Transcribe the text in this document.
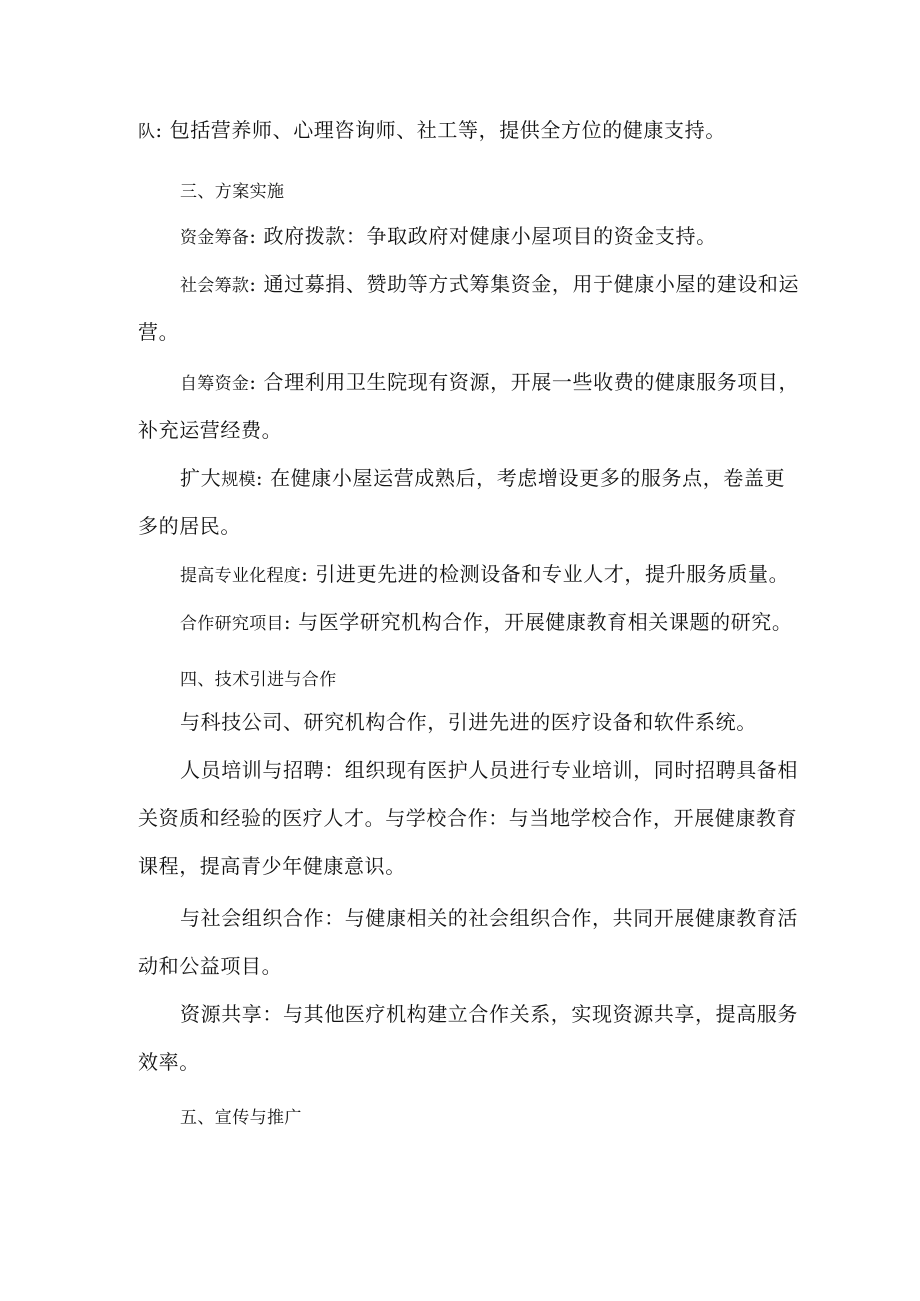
队: 包括营养师、心理咨询师、社工等，提供全方位的健康支持。
三、方案实施
资金筹备: 政府拨款：争取政府对健康小屋项目的资金支持。
社会筹款: 通过募捐、赞助等方式筹集资金，用于健康小屋的建设和运
营。
自筹资金: 合理利用卫生院现有资源，开展一些收费的健康服务项目，
补充运营经费。
扩大规模: 在健康小屋运营成熟后，考虑增设更多的服务点，卷盖更
多的居民。
提高专业化程度: 引进更先进的检测设备和专业人才，提升服务质量。
合作研究项目: 与医学研究机构合作，开展健康教育相关课题的研究。
四、技术引进与合作
与科技公司、研究机构合作，引进先进的医疗设备和软件系统。
人员培训与招聘：组织现有医护人员进行专业培训，同时招聘具备相
关资质和经验的医疗人才。与学校合作：与当地学校合作，开展健康教育
课程，提高青少年健康意识。
与社会组织合作：与健康相关的社会组织合作，共同开展健康教育活
动和公益项目。
资源共享：与其他医疗机构建立合作关系，实现资源共享，提高服务
效率。
五、宣传与推广
